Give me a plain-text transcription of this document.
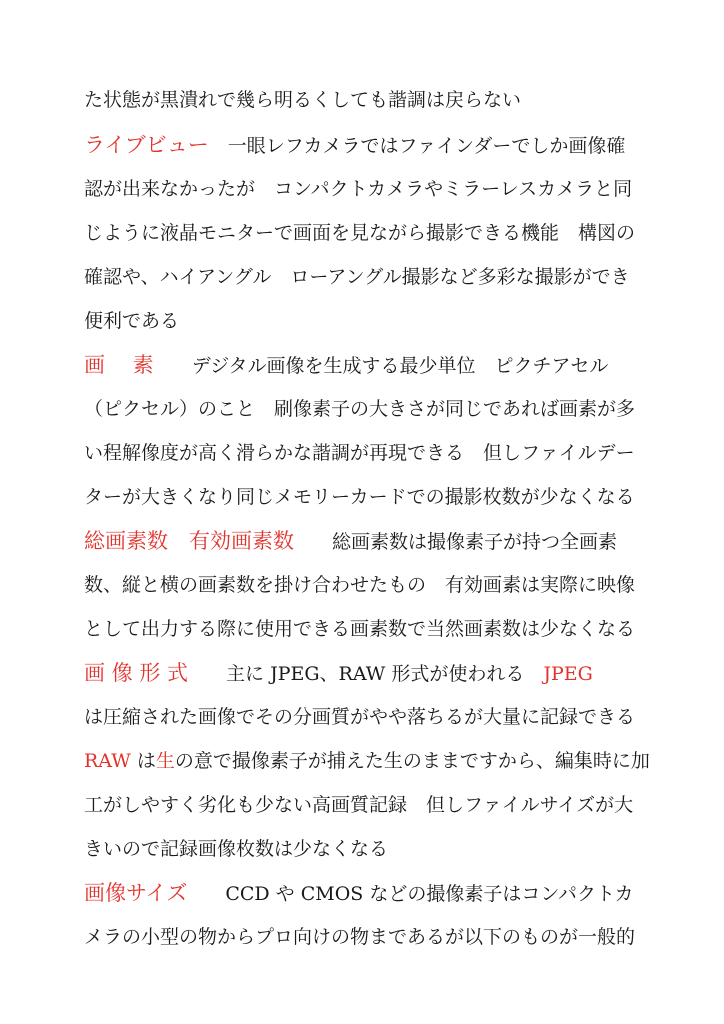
た状態が黒潰れで幾ら明るくしても諧調は戻らない
ライブビュー　一眼レフカメラではファインダーでしか画像確
認が出来なかったが　コンパクトカメラやミラーレスカメラと同
じように液晶モニターで画面を見ながら撮影できる機能　構図の
確認や、ハイアングル　ローアングル撮影など多彩な撮影ができ
便利である
画　 素　　デジタル画像を生成する最少単位　ピクチアセル
（ピクセル）のこと　刷像素子の大きさが同じであれば画素が多
い程解像度が高く滑らかな諧調が再現できる　但しファイルデー
ターが大きくなり同じメモリーカードでの撮影枚数が少なくなる
総画素数　有効画素数　　総画素数は撮像素子が持つ全画素
数、縦と横の画素数を掛け合わせたもの　有効画素は実際に映像
として出力する際に使用できる画素数で当然画素数は少なくなる
画 像 形 式　　主に JPEG、RAW 形式が使われる　JPEG
は圧縮された画像でその分画質がやや落ちるが大量に記録できる
RAW は生の意で撮像素子が捕えた生のままですから、編集時に加
工がしやすく劣化も少ない高画質記録　但しファイルサイズが大
きいので記録画像枚数は少なくなる
画像サイズ　　CCD や CMOS などの撮像素子はコンパクトカ
メラの小型の物からプロ向けの物まであるが以下のものが一般的
